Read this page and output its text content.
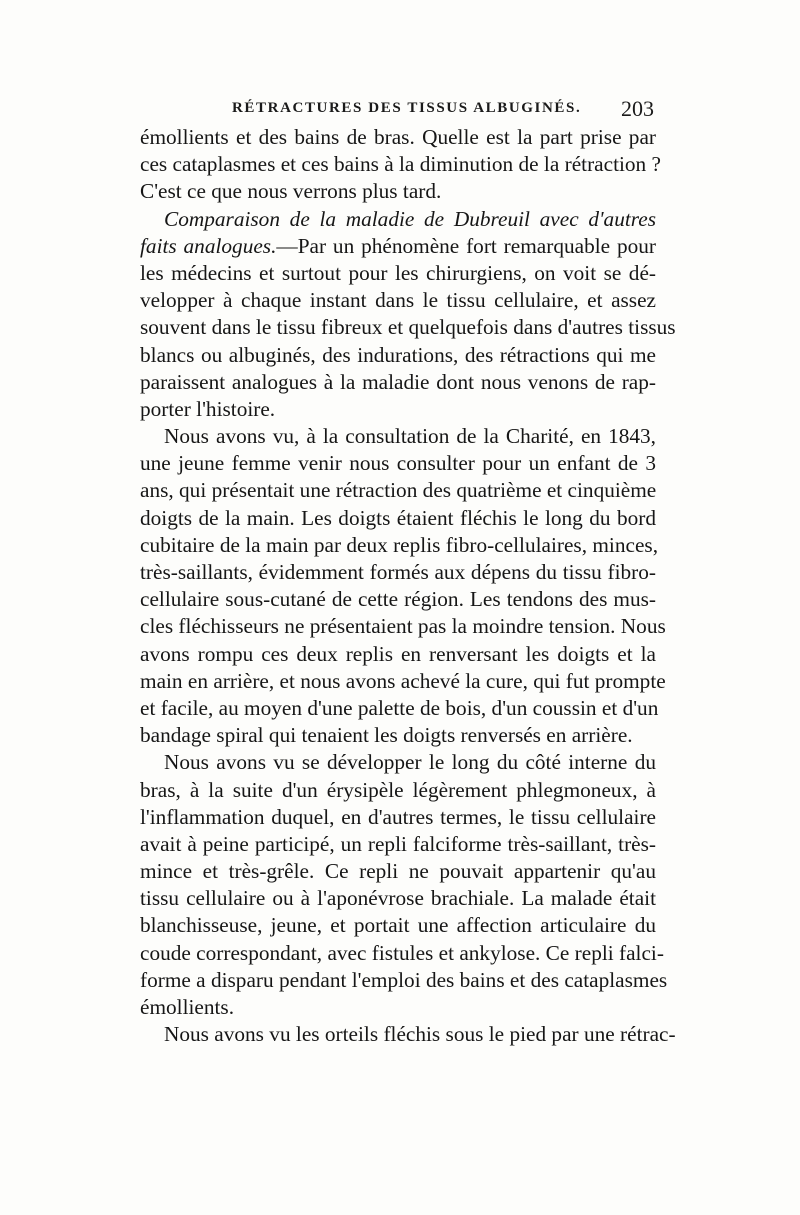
RÉTRACTURES DES TISSUS ALBUGINÉS. 203
émollients et des bains de bras. Quelle est la part prise par
ces cataplasmes et ces bains à la diminution de la rétraction ?
C'est ce que nous verrons plus tard.
Comparaison de la maladie de Dubreuil avec d'autres
faits analogues.—Par un phénomène fort remarquable pour
les médecins et surtout pour les chirurgiens, on voit se dé-
velopper à chaque instant dans le tissu cellulaire, et assez
souvent dans le tissu fibreux et quelquefois dans d'autres tissus
blancs ou albuginés, des indurations, des rétractions qui me
paraissent analogues à la maladie dont nous venons de rap-
porter l'histoire.
Nous avons vu, à la consultation de la Charité, en 1843,
une jeune femme venir nous consulter pour un enfant de 3
ans, qui présentait une rétraction des quatrième et cinquième
doigts de la main. Les doigts étaient fléchis le long du bord
cubitaire de la main par deux replis fibro-cellulaires, minces,
très-saillants, évidemment formés aux dépens du tissu fibro-
cellulaire sous-cutané de cette région. Les tendons des mus-
cles fléchisseurs ne présentaient pas la moindre tension. Nous
avons rompu ces deux replis en renversant les doigts et la
main en arrière, et nous avons achevé la cure, qui fut prompte
et facile, au moyen d'une palette de bois, d'un coussin et d'un
bandage spiral qui tenaient les doigts renversés en arrière.
Nous avons vu se développer le long du côté interne du
bras, à la suite d'un érysipèle légèrement phlegmoneux, à
l'inflammation duquel, en d'autres termes, le tissu cellulaire
avait à peine participé, un repli falciforme très-saillant, très-
mince et très-grêle. Ce repli ne pouvait appartenir qu'au
tissu cellulaire ou à l'aponévrose brachiale. La malade était
blanchisseuse, jeune, et portait une affection articulaire du
coude correspondant, avec fistules et ankylose. Ce repli falci-
forme a disparu pendant l'emploi des bains et des cataplasmes
émollients.
Nous avons vu les orteils fléchis sous le pied par une rétrac-
